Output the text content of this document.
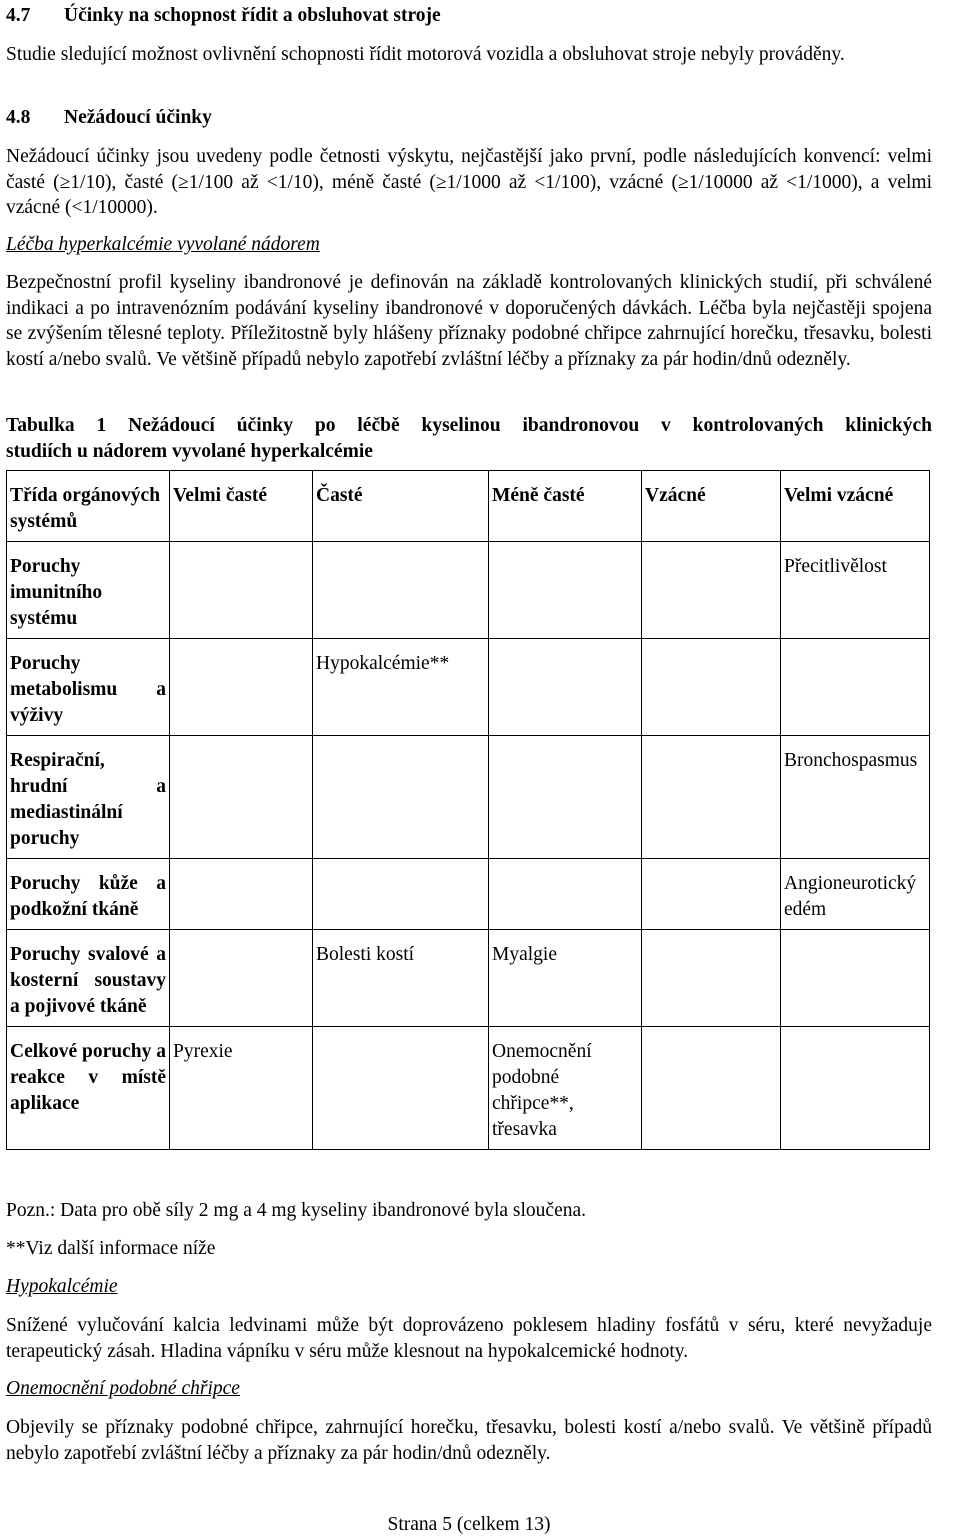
4.7 Účinky na schopnost řídit a obsluhovat stroje
Studie sledující možnost ovlivnění schopnosti řídit motorová vozidla a obsluhovat stroje nebyly prováděny.
4.8 Nežádoucí účinky
Nežádoucí účinky jsou uvedeny podle četnosti výskytu, nejčastější jako první, podle následujících konvencí: velmi časté (≥1/10), časté (≥1/100 až <1/10), méně časté (≥1/1000 až <1/100), vzácné (≥1/10000 až <1/1000), a velmi vzácné (<1/10000).
Léčba hyperkalcémie vyvolané nádorem
Bezpečnostní profil kyseliny ibandronové je definován na základě kontrolovaných klinických studií, při schválené indikaci a po intravenózním podávání kyseliny ibandronové v doporučených dávkách. Léčba byla nejčastěji spojena se zvýšením tělesné teploty. Příležitostně byly hlášeny příznaky podobné chřipce zahrnující horečku, třesavku, bolesti kostí a/nebo svalů. Ve většině případů nebylo zapotřebí zvláštní léčby a příznaky za pár hodin/dnů odezněly.
Tabulka 1 Nežádoucí účinky po léčbě kyselinou ibandronovou v kontrolovaných klinických
studiích u nádorem vyvolané hyperkalcémie
Třída orgánových systémů	Velmi časté	Časté	Méně časté	Vzácné	Velmi vzácné
Poruchy imunitního systému					Přecitlivělost
Poruchy metabolismu a výživy		Hypokalcémie**			
Respirační, hrudní a mediastinální poruchy					Bronchospasmus
Poruchy kůže a podkožní tkáně					Angioneurotický edém
Poruchy svalové a kosterní soustavy a pojivové tkáně		Bolesti kostí	Myalgie		
Celkové poruchy a reakce v místě aplikace	Pyrexie		Onemocnění podobné chřipce**, třesavka		
Pozn.: Data pro obě síly 2 mg a 4 mg kyseliny ibandronové byla sloučena.
**Viz další informace níže
Hypokalcémie
Snížené vylučování kalcia ledvinami může být doprovázeno poklesem hladiny fosfátů v séru, které nevyžaduje terapeutický zásah. Hladina vápníku v séru může klesnout na hypokalcemické hodnoty.
Onemocnění podobné chřipce
Objevily se příznaky podobné chřipce, zahrnující horečku, třesavku, bolesti kostí a/nebo svalů. Ve většině případů nebylo zapotřebí zvláštní léčby a příznaky za pár hodin/dnů odezněly.
Strana 5 (celkem 13)
